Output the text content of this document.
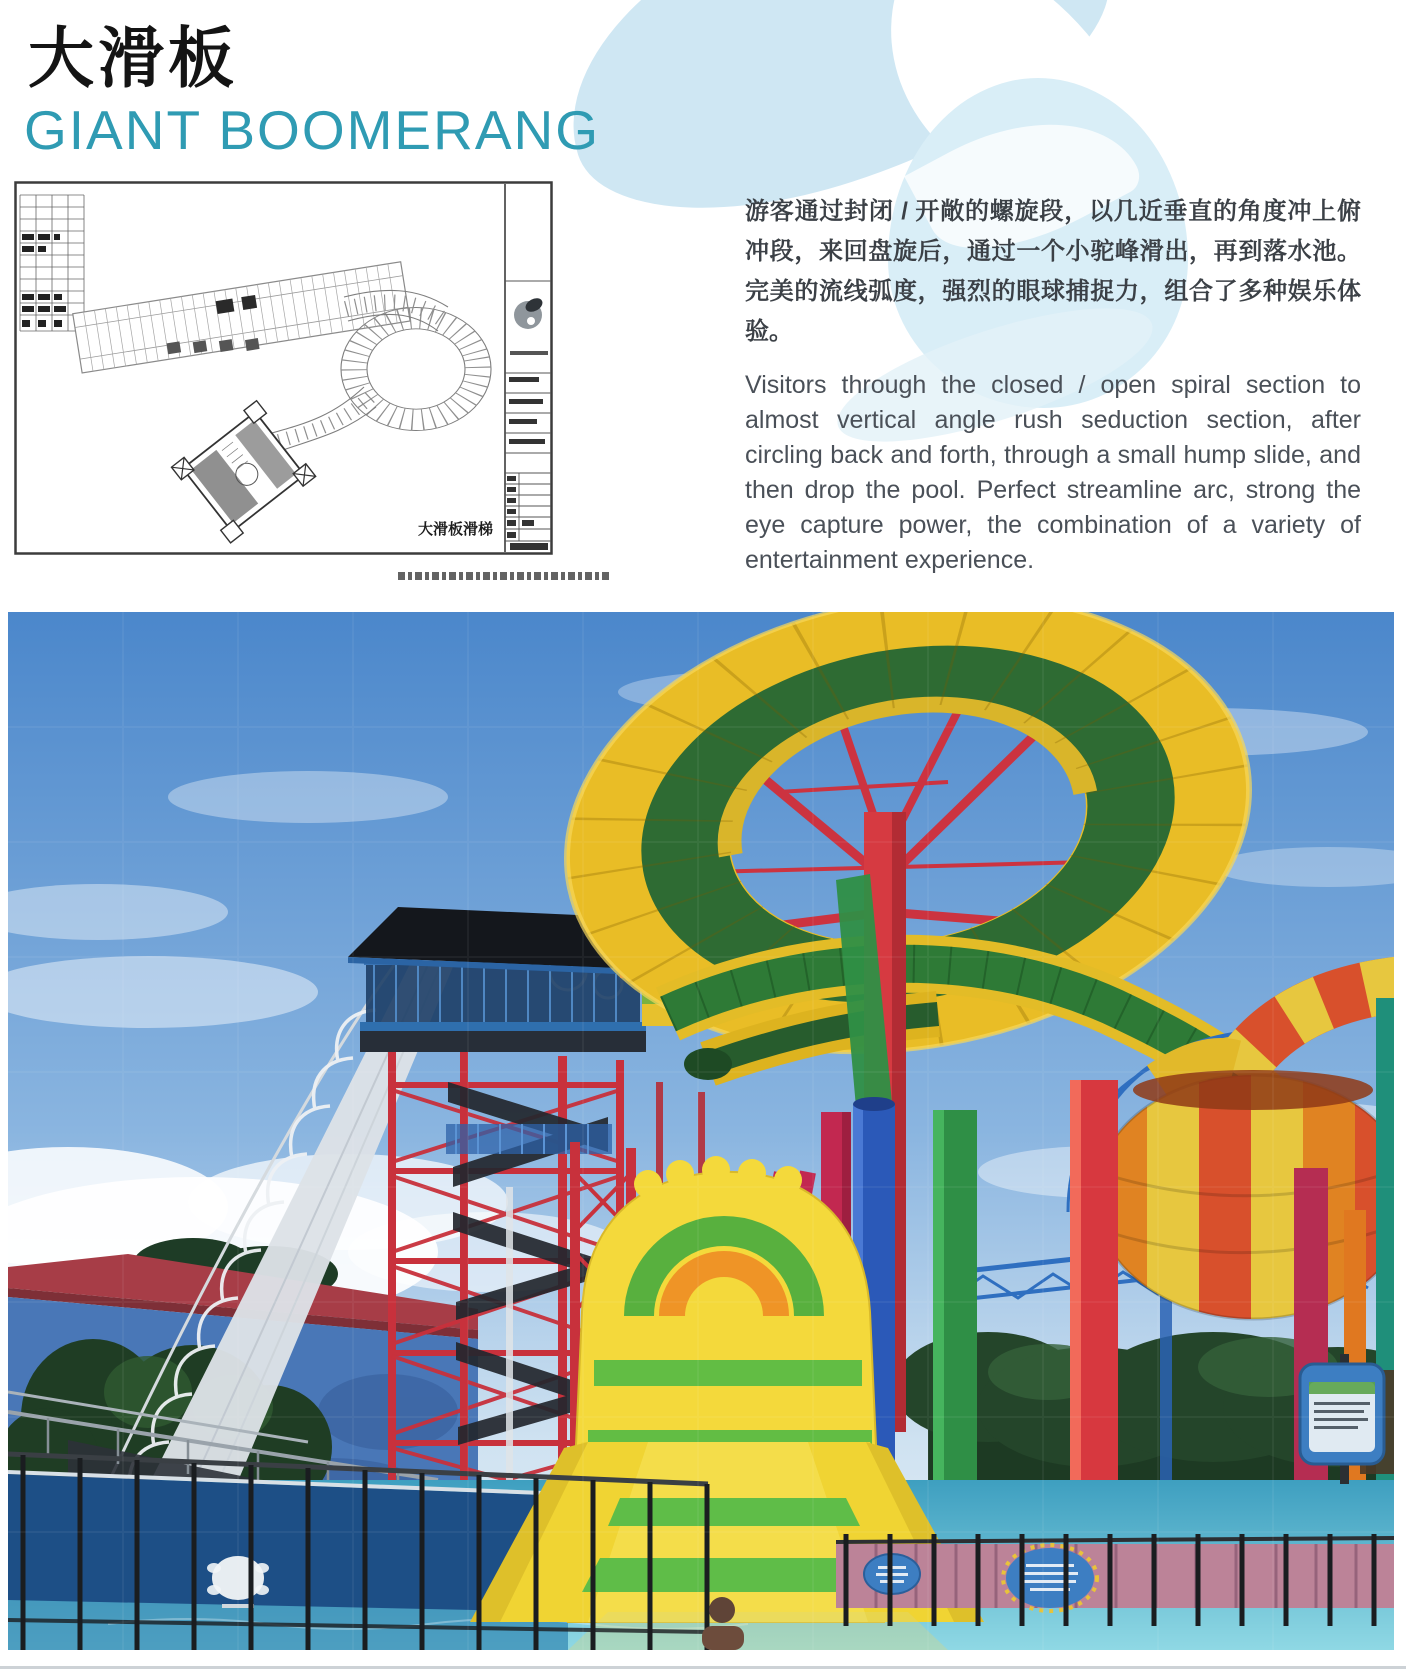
大滑板
GIANT BOOMERANG
大滑板滑梯

游客通过封闭 / 开敞的螺旋段，以几近垂直的角度冲上俯冲段，来回盘旋后，通过一个小驼峰滑出，再到落水池。完美的流线弧度，强烈的眼球捕捉力，组合了多种娱乐体验。

Visitors through the closed / open spiral section to almost vertical angle rush seduction section, after circling back and forth, through a small hump slide, and then drop the pool. Perfect streamline arc, strong the eye capture power, the combination of a variety of entertainment experience.
